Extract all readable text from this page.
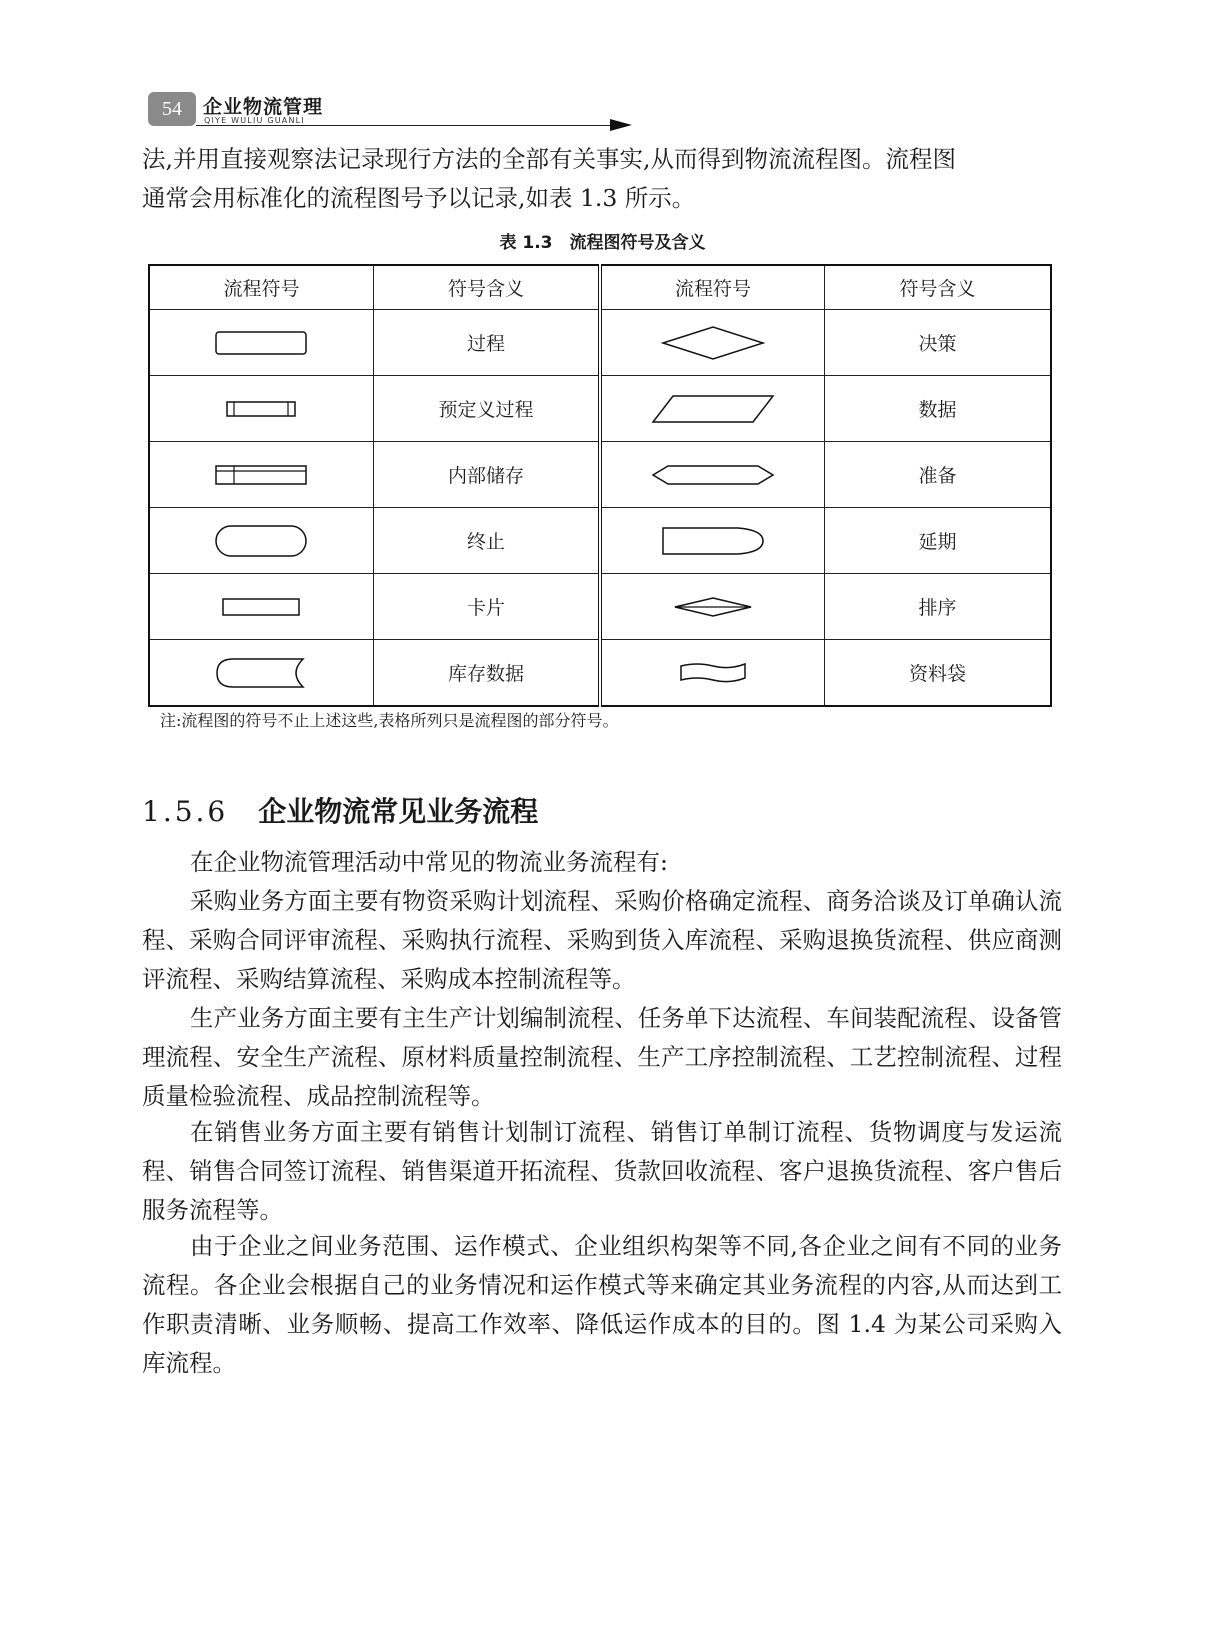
54	企业物流管理
QIYE WULIU GUANLI

法,并用直接观察法记录现行方法的全部有关事实,从而得到物流流程图。流程图

通常会用标准化的流程图号予以记录,如表 1.3 所示。

表 1.3　流程图符号及含义
流程符号	符号含义	流程符号	符号含义

	过程		决策

	预定义过程		数据

	内部储存		准备

	终止		延期

	卡片		排序

	库存数据		资料袋
注:流程图的符号不止上述这些,表格所列只是流程图的部分符号。
1.5.6 企业物流常见业务流程

在企业物流管理活动中常见的物流业务流程有:

采购业务方面主要有物资采购计划流程、采购价格确定流程、商务洽谈及订单确认流程、采购合同评审流程、采购执行流程、采购到货入库流程、采购退换货流程、供应商测评流程、采购结算流程、采购成本控制流程等。

生产业务方面主要有主生产计划编制流程、任务单下达流程、车间装配流程、设备管理流程、安全生产流程、原材料质量控制流程、生产工序控制流程、工艺控制流程、过程质量检验流程、成品控制流程等。

在销售业务方面主要有销售计划制订流程、销售订单制订流程、货物调度与发运流程、销售合同签订流程、销售渠道开拓流程、货款回收流程、客户退换货流程、客户售后服务流程等。

由于企业之间业务范围、运作模式、企业组织构架等不同,各企业之间有不同的业务流程。各企业会根据自己的业务情况和运作模式等来确定其业务流程的内容,从而达到工作职责清晰、业务顺畅、提高工作效率、降低运作成本的目的。图 1.4 为某公司采购入库流程。
